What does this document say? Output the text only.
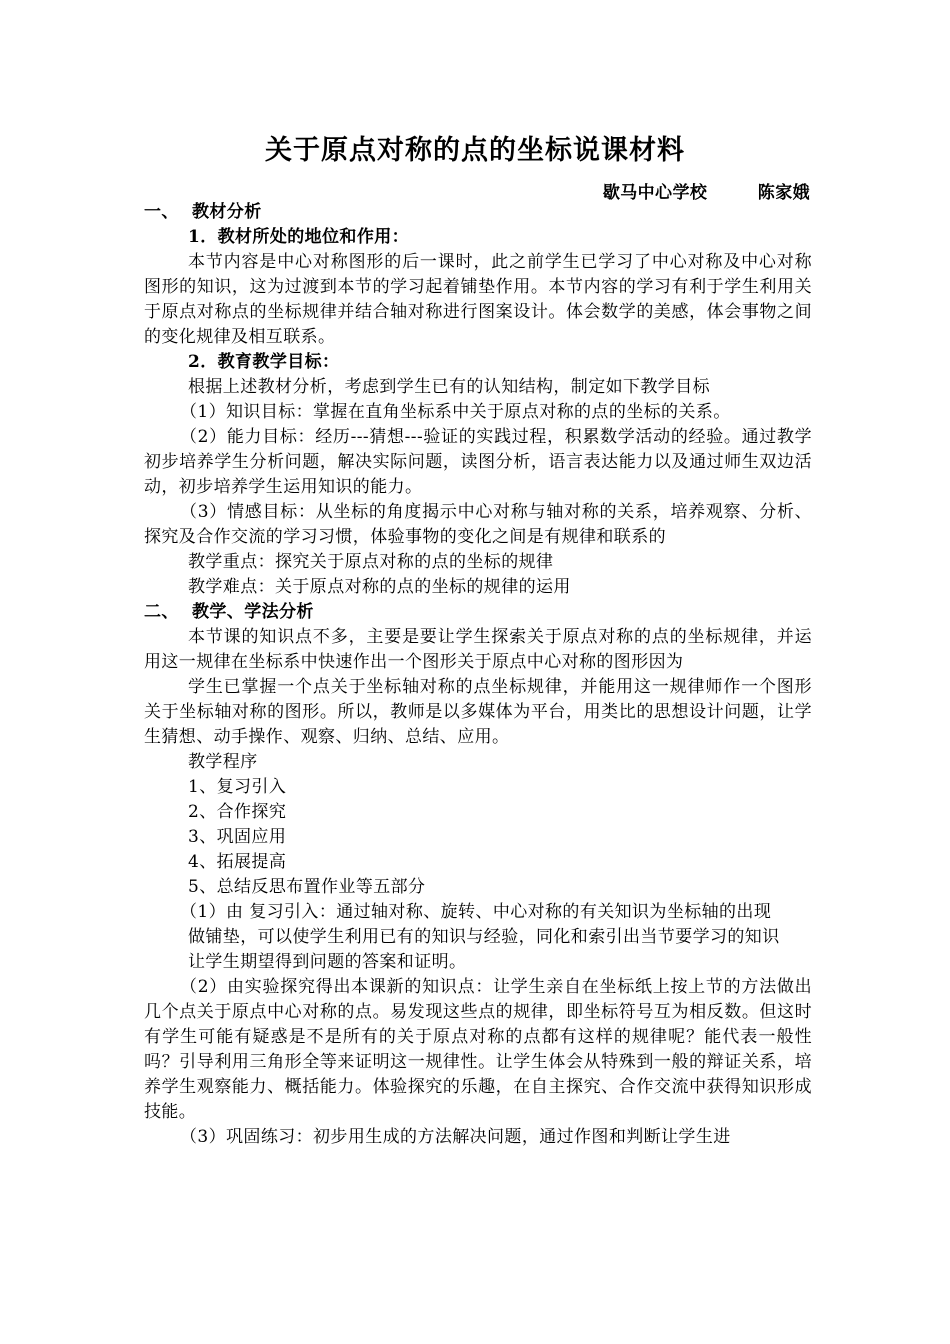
关于原点对称的点的坐标说课材料
歇马中心学校        陈家娥

一、 教材分析

1．教材所处的地位和作用：

本节内容是中心对称图形的后一课时，此之前学生已学习了中心对称及中心对称图形的知识，这为过渡到本节的学习起着铺垫作用。本节内容的学习有利于学生利用关于原点对称点的坐标规律并结合轴对称进行图案设计。体会数学的美感，体会事物之间的变化规律及相互联系。

2．教育教学目标：

根据上述教材分析，考虑到学生已有的认知结构，制定如下教学目标

（1）知识目标：掌握在直角坐标系中关于原点对称的点的坐标的关系。

（2）能力目标：经历---猜想---验证的实践过程，积累数学活动的经验。通过教学初步培养学生分析问题，解决实际问题，读图分析，语言表达能力以及通过师生双边活动，初步培养学生运用知识的能力。

（3）情感目标：从坐标的角度揭示中心对称与轴对称的关系，培养观察、分析、探究及合作交流的学习习惯，体验事物的变化之间是有规律和联系的

教学重点：探究关于原点对称的点的坐标的规律

教学难点：关于原点对称的点的坐标的规律的运用

二、 教学、学法分析

本节课的知识点不多，主要是要让学生探索关于原点对称的点的坐标规律，并运用这一规律在坐标系中快速作出一个图形关于原点中心对称的图形因为

学生已掌握一个点关于坐标轴对称的点坐标规律，并能用这一规律师作一个图形关于坐标轴对称的图形。所以，教师是以多媒体为平台，用类比的思想设计问题，让学生猜想、动手操作、观察、归纳、总结、应用。

教学程序

1、复习引入

2、合作探究

3、巩固应用

4、拓展提高

5、总结反思布置作业等五部分

（1）由 复习引入：通过轴对称、旋转、中心对称的有关知识为坐标轴的出现

做铺垫，可以使学生利用已有的知识与经验，同化和索引出当节要学习的知识

让学生期望得到问题的答案和证明。

（2）由实验探究得出本课新的知识点：让学生亲自在坐标纸上按上节的方法做出几个点关于原点中心对称的点。易发现这些点的规律，即坐标符号互为相反数。但这时有学生可能有疑惑是不是所有的关于原点对称的点都有这样的规律呢？能代表一般性吗？引导利用三角形全等来证明这一规律性。让学生体会从特殊到一般的辩证关系，培养学生观察能力、概括能力。体验探究的乐趣，在自主探究、合作交流中获得知识形成技能。

（3）巩固练习：初步用生成的方法解决问题，通过作图和判断让学生进
